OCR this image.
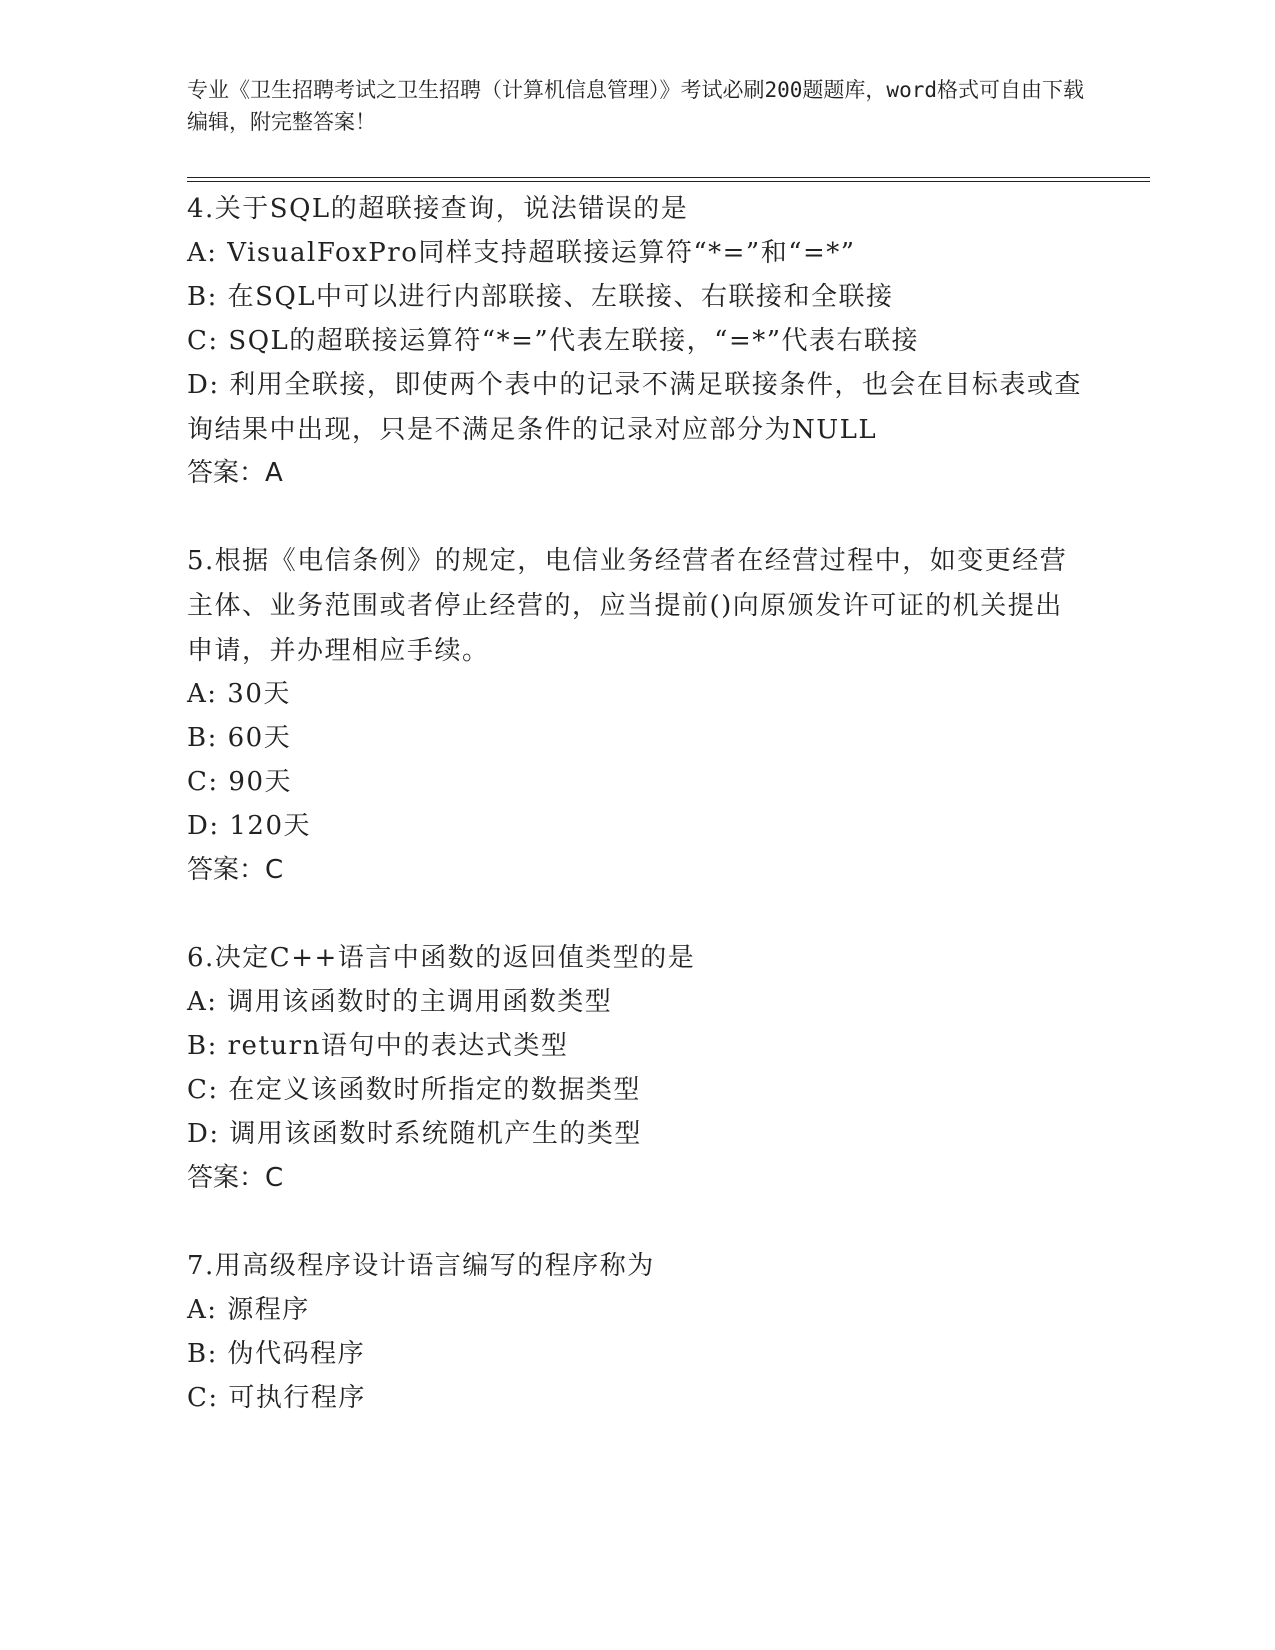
专业《卫生招聘考试之卫生招聘（计算机信息管理）》考试必刷200题题库，word格式可自由下载编辑，附完整答案！

4.关于SQL的超联接查询，说法错误的是

A: VisualFoxPro同样支持超联接运算符“*=”和“=*”

B: 在SQL中可以进行内部联接、左联接、右联接和全联接

C: SQL的超联接运算符“*=”代表左联接，“=*”代表右联接

D: 利用全联接，即使两个表中的记录不满足联接条件，也会在目标表或查询结果中出现，只是不满足条件的记录对应部分为NULL

答案：A

5.根据《电信条例》的规定，电信业务经营者在经营过程中，如变更经营主体、业务范围或者停止经营的，应当提前()向原颁发许可证的机关提出申请，并办理相应手续。

A: 30天

B: 60天

C: 90天

D: 120天

答案：C

6.决定C++语言中函数的返回值类型的是

A: 调用该函数时的主调用函数类型

B: return语句中的表达式类型

C: 在定义该函数时所指定的数据类型

D: 调用该函数时系统随机产生的类型

答案：C

7.用高级程序设计语言编写的程序称为

A: 源程序

B: 伪代码程序

C: 可执行程序
